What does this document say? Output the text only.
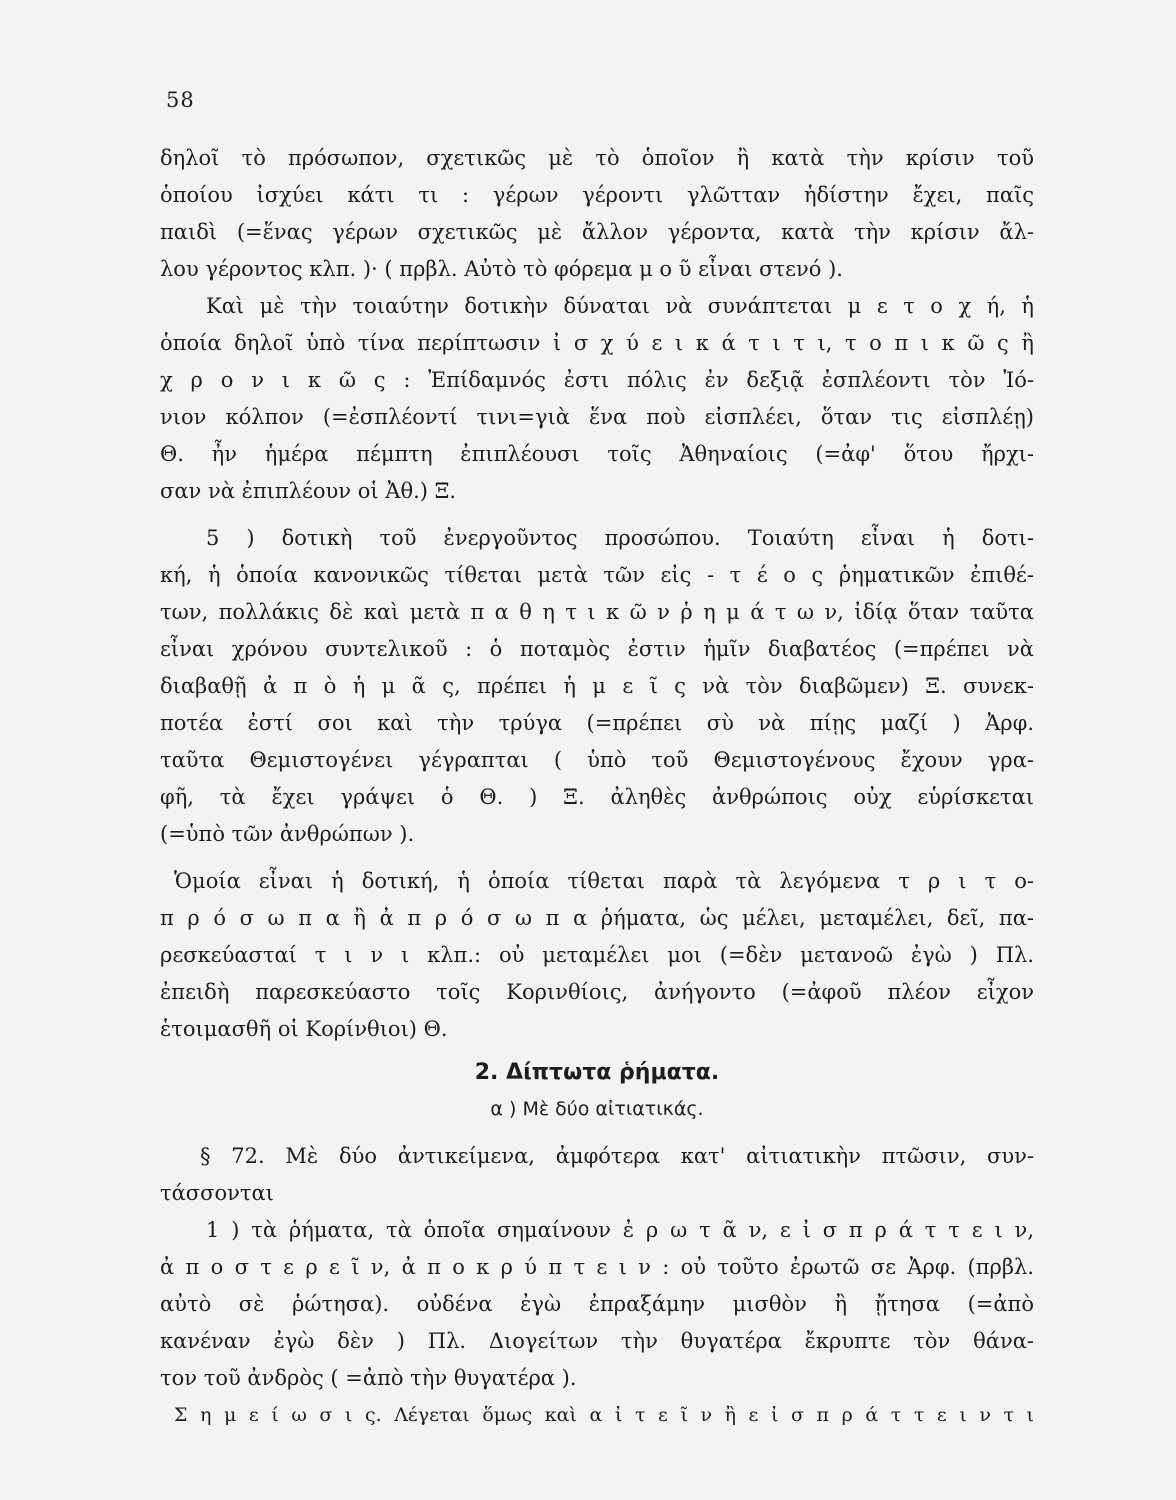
58
δηλοῖ τὸ πρόσωπον, σχετικῶς μὲ τὸ ὁποῖον ἢ κατὰ τὴν κρίσιν τοῦ
ὁποίου ἰσχύει κάτι τι : γέρων γέροντι γλῶτταν ἡδίστην ἔχει, παῖς
παιδὶ (=ἕνας γέρων σχετικῶς μὲ ἄλλον γέροντα, κατὰ τὴν κρίσιν ἄλ-
λου γέροντος κλπ. )· ( πρβλ. Αὐτὸ τὸ φόρεμα μ ο ῦ εἶναι στενό ).
Καὶ μὲ τὴν τοιαύτην δοτικὴν δύναται νὰ συνάπτεται μ ε τ ο χ ή, ἡ
ὁποία δηλοῖ ὑπὸ τίνα περίπτωσιν ἰ σ χ ύ ε ι κ ά τ ι τ ι, τ ο π ι κ ῶ ς ἢ
χ ρ ο ν ι κ ῶ ς : Ἐπίδαμνός ἐστι πόλις ἐν δεξιᾷ ἐσπλέοντι τὸν Ἰό-
νιον κόλπον (=ἐσπλέοντί τινι=γιὰ ἕνα ποὺ εἰσπλέει, ὅταν τις εἰσπλέῃ)
Θ. ἦν ἡμέρα πέμπτη ἐπιπλέουσι τοῖς Ἀθηναίοις (=ἀφ' ὅτου ἤρχι-
σαν νὰ ἐπιπλέουν οἱ Ἀθ.) Ξ.
5 ) δοτικὴ τοῦ ἐνεργοῦντος προσώπου. Τοιαύτη εἶναι ἡ δοτι-
κή, ἡ ὁποία κανονικῶς τίθεται μετὰ τῶν εἰς - τ έ ο ς ῥηματικῶν ἐπιθέ-
των, πολλάκις δὲ καὶ μετὰ π α θ η τ ι κ ῶ ν ῥ η μ ά τ ω ν, ἰδίᾳ ὅταν ταῦτα
εἶναι χρόνου συντελικοῦ : ὁ ποταμὸς ἐστιν ἡμῖν διαβατέος (=πρέπει νὰ
διαβαθῇ ἀ π ὸ ἡ μ ᾶ ς, πρέπει ἡ μ ε ῖ ς νὰ τὸν διαβῶμεν) Ξ. συνεκ-
ποτέα ἐστί σοι καὶ τὴν τρύγα (=πρέπει σὺ νὰ πίῃς μαζί ) Ἀρφ.
ταῦτα Θεμιστογένει γέγραπται ( ὑπὸ τοῦ Θεμιστογένους ἔχουν γρα-
φῆ, τὰ ἔχει γράψει ὁ Θ. ) Ξ. ἀληθὲς ἀνθρώποις οὐχ εὑρίσκεται
(=ὑπὸ τῶν ἀνθρώπων ).
Ὁμοία εἶναι ἡ δοτική, ἡ ὁποία τίθεται παρὰ τὰ λεγόμενα τ ρ ι τ ο-
π ρ ό σ ω π α ἢ ἀ π ρ ό σ ω π α ῥήματα, ὡς μέλει, μεταμέλει, δεῖ, πα-
ρεσκεύασταί τ ι ν ι κλπ.: οὐ μεταμέλει μοι (=δὲν μετανοῶ ἐγὼ ) Πλ.
ἐπειδὴ παρεσκεύαστο τοῖς Κορινθίοις, ἀνήγοντο (=ἀφοῦ πλέον εἶχον
ἑτοιμασθῆ οἱ Κορίνθιοι) Θ.
2. Δίπτωτα ῥήματα.
α ) Μὲ δύο αἰτιατικάς.
§ 72. Μὲ δύο ἀντικείμενα, ἀμφότερα κατ' αἰτιατικὴν πτῶσιν, συν-
τάσσονται
1 ) τὰ ῥήματα, τὰ ὁποῖα σημαίνουν ἐ ρ ω τ ᾶ ν, ε ἰ σ π ρ ά τ τ ε ι ν,
ἀ π ο σ τ ε ρ ε ῖ ν, ἀ π ο κ ρ ύ π τ ε ι ν : οὐ τοῦτο ἐρωτῶ σε Ἀρφ. (πρβλ.
αὐτὸ σὲ ῥώτησα). οὐδένα ἐγὼ ἐπραξάμην μισθὸν ἢ ᾔτησα (=ἀπὸ
κανέναν ἐγὼ δὲν ) Πλ. Διογείτων τὴν θυγατέρα ἔκρυπτε τὸν θάνα-
τον τοῦ ἀνδρὸς ( =ἀπὸ τὴν θυγατέρα ).
Σ η μ ε ί ω σ ι ς. Λέγεται ὅμως καὶ α ἰ τ ε ῖ ν ἢ ε ἰ σ π ρ ά τ τ ε ι ν τ ι
